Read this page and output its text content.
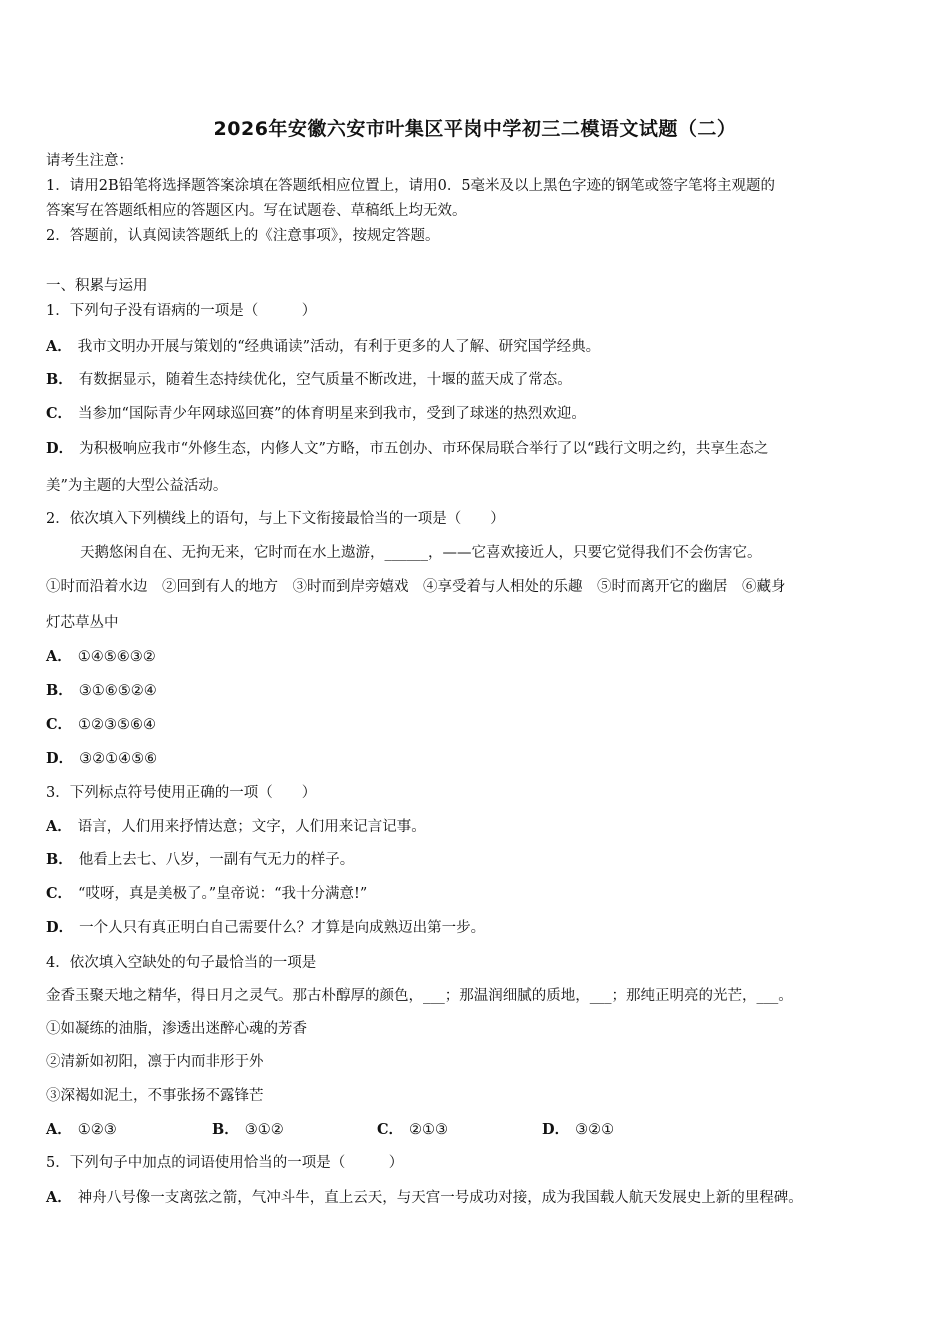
2026年安徽六安市叶集区平岗中学初三二模语文试题（二）
请考生注意：
1．请用2B铅笔将选择题答案涂填在答题纸相应位置上，请用0．5毫米及以上黑色字迹的钢笔或签字笔将主观题的
答案写在答题纸相应的答题区内。写在试题卷、草稿纸上均无效。
2．答题前，认真阅读答题纸上的《注意事项》，按规定答题。
一、积累与运用
1．下列句子没有语病的一项是（　　　）
A． 我市文明办开展与策划的“经典诵读”活动，有利于更多的人了解、研究国学经典。
B． 有数据显示，随着生态持续优化，空气质量不断改进，十堰的蓝天成了常态。
C． 当参加“国际青少年网球巡回赛”的体育明星来到我市，受到了球迷的热烈欢迎。
D． 为积极响应我市“外修生态，内修人文”方略，市五创办、市环保局联合举行了以“践行文明之约，共享生态之
美”为主题的大型公益活动。
2．依次填入下列横线上的语句，与上下文衔接最恰当的一项是（　　）
天鹅悠闲自在、无拘无来，它时而在水上遨游，______，——它喜欢接近人，只要它觉得我们不会伤害它。
①时而沿着水边　②回到有人的地方　③时而到岸旁嬉戏　④享受着与人相处的乐趣　⑤时而离开它的幽居　⑥藏身
灯芯草丛中
A． ①④⑤⑥③②
B． ③①⑥⑤②④
C． ①②③⑤⑥④
D． ③②①④⑤⑥
3．下列标点符号使用正确的一项（　　）
A． 语言，人们用来抒情达意；文字，人们用来记言记事。
B． 他看上去七、八岁，一副有气无力的样子。
C． “哎呀，真是美极了。”皇帝说：“我十分满意!”
D． 一个人只有真正明白自己需要什么？才算是向成熟迈出第一步。
4．依次填入空缺处的句子最恰当的一项是
金香玉聚天地之精华，得日月之灵气。那古朴醇厚的颜色，___；那温润细腻的质地，___；那纯正明亮的光芒，___。
①如凝练的油脂，渗透出迷醉心魂的芳香
②清新如初阳，凛于内而非形于外
③深褐如泥土，不事张扬不露锋芒
A． ①②③	B． ③①②	C． ②①③	D． ③②①
5．下列句子中加点的词语使用恰当的一项是（　　　）
A． 神舟八号像一支离弦之箭，气冲斗牛，直上云天，与天宫一号成功对接，成为我国载人航天发展史上新的里程碑。
